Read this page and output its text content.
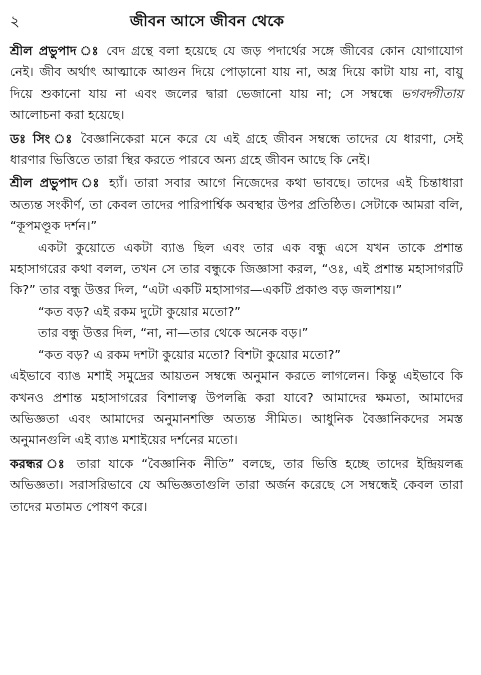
২	জীবন আসে জীবন থেকে

শ্রীল প্রভুপাদ ঃ বেদ গ্রন্থে বলা হয়েছে যে জড় পদার্থের সঙ্গে জীবের কোন যোগাযোগ নেই। জীব অর্থাৎ আত্মাকে আগুন দিয়ে পোড়ানো যায় না, অস্ত্র দিয়ে কাটা যায় না, বায়ু দিয়ে শুকানো যায় না এবং জলের দ্বারা ভেজানো যায় না; সে সম্বন্ধে ভগবদ্গীতায় আলোচনা করা হয়েছে।

ডঃ সিং ঃ বৈজ্ঞানিকেরা মনে করে যে এই গ্রহে জীবন সম্বন্ধে তাদের যে ধারণা, সেই ধারণার ভিত্তিতে তারা স্থির করতে পারবে অন্য গ্রহে জীবন আছে কি নেই।

শ্রীল প্রভুপাদ ঃ হ্যাঁ। তারা সবার আগে নিজেদের কথা ভাবছে। তাদের এই চিন্তাধারা অত্যন্ত সংকীর্ণ, তা কেবল তাদের পারিপার্শ্বিক অবস্থার উপর প্রতিষ্ঠিত। সেটাকে আমরা বলি, “কূপমণ্ডূক দর্শন।”

একটা কুয়োতে একটা ব্যাঙ ছিল এবং তার এক বন্ধু এসে যখন তাকে প্রশান্ত মহাসাগরের কথা বলল, তখন সে তার বন্ধুকে জিজ্ঞাসা করল, “ওঃ, এই প্রশান্ত মহাসাগরটি কি?” তার বন্ধু উত্তর দিল, “এটা একটি মহাসাগর—একটি প্রকাণ্ড বড় জলাশয়।”

“কত বড়? এই রকম দুটো কুয়োর মতো?”

তার বন্ধু উত্তর দিল, “না, না—তার থেকে অনেক বড়।”

“কত বড়? এ রকম দশটা কুয়োর মতো? বিশটা কুয়োর মতো?”

এইভাবে ব্যাঙ মশাই সমুদ্রের আয়তন সম্বন্ধে অনুমান করতে লাগলেন। কিন্তু এইভাবে কি কখনও প্রশান্ত মহাসাগরের বিশালত্ব উপলব্ধি করা যাবে? আমাদের ক্ষমতা, আমাদের অভিজ্ঞতা এবং আমাদের অনুমানশক্তি অত্যন্ত সীমিত। আধুনিক বৈজ্ঞানিকদের সমস্ত অনুমানগুলি এই ব্যাঙ মশাইয়ের দর্শনের মতো।

করন্ধর ঃ তারা যাকে “বৈজ্ঞানিক নীতি” বলছে, তার ভিত্তি হচ্ছে তাদের ইন্দ্রিয়লব্ধ অভিজ্ঞতা। সরাসরিভাবে যে অভিজ্ঞতাগুলি তারা অর্জন করেছে সে সম্বন্ধেই কেবল তারা তাদের মতামত পোষণ করে।
